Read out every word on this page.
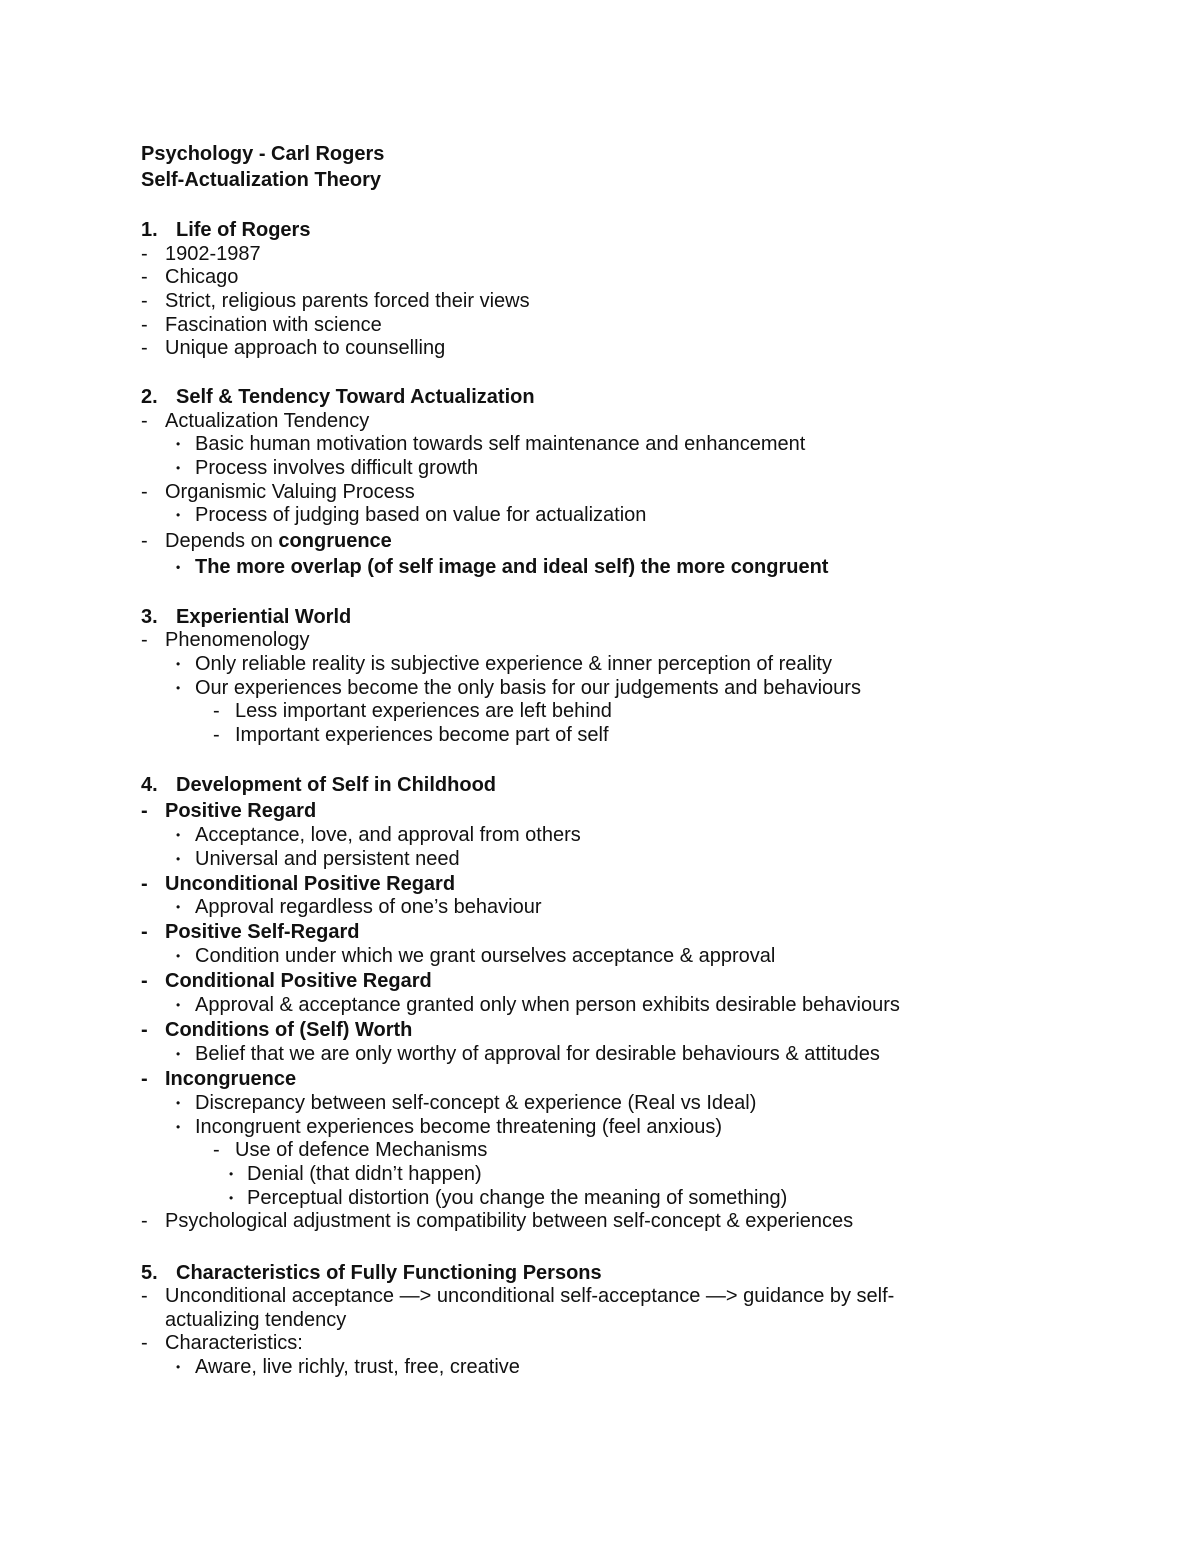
Psychology - Carl Rogers
Self-Actualization Theory
1. Life of Rogers
- 1902-1987
- Chicago
- Strict, religious parents forced their views
- Fascination with science
- Unique approach to counselling
2. Self & Tendency Toward Actualization
- Actualization Tendency
• Basic human motivation towards self maintenance and enhancement
• Process involves difficult growth
- Organismic Valuing Process
• Process of judging based on value for actualization
- Depends on congruence
• The more overlap (of self image and ideal self) the more congruent
3. Experiential World
- Phenomenology
• Only reliable reality is subjective experience & inner perception of reality
• Our experiences become the only basis for our judgements and behaviours
- Less important experiences are left behind
- Important experiences become part of self
4. Development of Self in Childhood
- Positive Regard
• Acceptance, love, and approval from others
• Universal and persistent need
- Unconditional Positive Regard
• Approval regardless of one’s behaviour
- Positive Self-Regard
• Condition under which we grant ourselves acceptance & approval
- Conditional Positive Regard
• Approval & acceptance granted only when person exhibits desirable behaviours
- Conditions of (Self) Worth
• Belief that we are only worthy of approval for desirable behaviours & attitudes
- Incongruence
• Discrepancy between self-concept & experience (Real vs Ideal)
• Incongruent experiences become threatening (feel anxious)
- Use of defence Mechanisms
• Denial (that didn’t happen)
• Perceptual distortion (you change the meaning of something)
- Psychological adjustment is compatibility between self-concept & experiences
5. Characteristics of Fully Functioning Persons
- Unconditional acceptance —> unconditional self-acceptance —> guidance by self-
actualizing tendency
- Characteristics:
• Aware, live richly, trust, free, creative
